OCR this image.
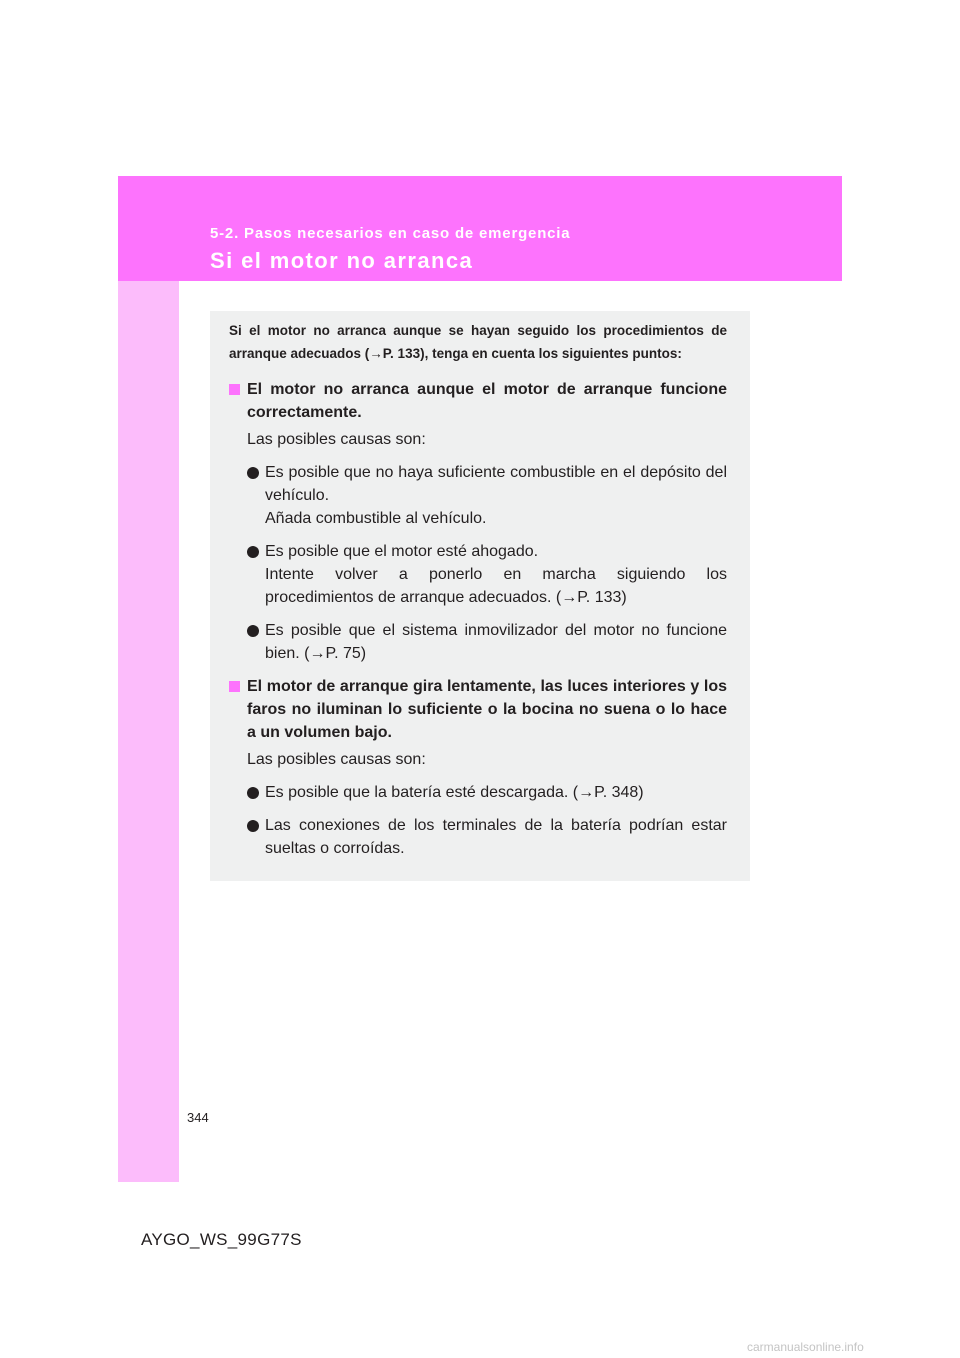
5-2. Pasos necesarios en caso de emergencia
Si el motor no arranca

Si el motor no arranca aunque se hayan seguido los procedimientos de arranque adecuados (→P. 133), tenga en cuenta los siguientes puntos:

El motor no arranca aunque el motor de arranque funcione correctamente.

Las posibles causas son:

Es posible que no haya suficiente combustible en el depósito del vehículo.
Añada combustible al vehículo.
Es posible que el motor esté ahogado.
Intente volver a ponerlo en marcha siguiendo los
procedimientos de arranque adecuados. (→P. 133)
Es posible que el sistema inmovilizador del motor no funcione bien. (→P. 75)
El motor de arranque gira lentamente, las luces interiores y los faros no iluminan lo suficiente o la bocina no suena o lo hace a un volumen bajo.

Las posibles causas son:

Es posible que la batería esté descargada. (→P. 348)
Las conexiones de los terminales de la batería podrían estar sueltas o corroídas.
344
AYGO_WS_99G77S
carmanualsonline.info
